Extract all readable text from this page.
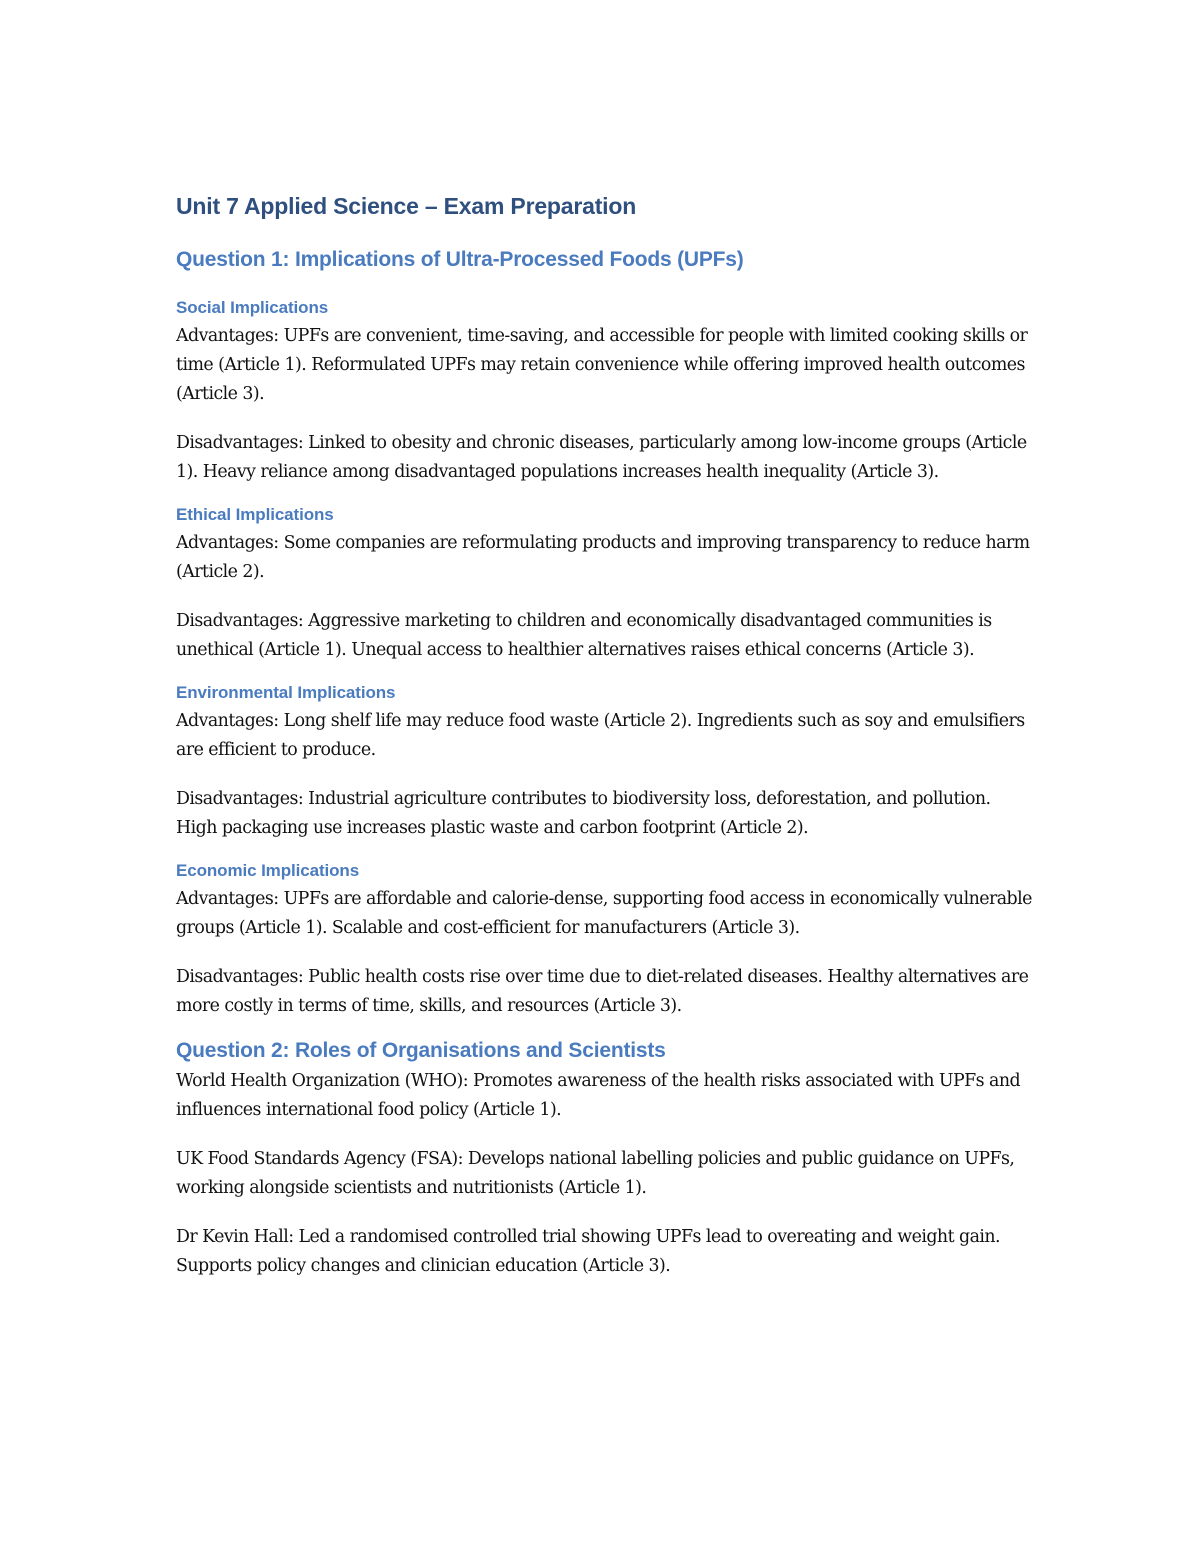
Unit 7 Applied Science – Exam Preparation
Question 1: Implications of Ultra-Processed Foods (UPFs)
Social Implications

Advantages: UPFs are convenient, time-saving, and accessible for people with limited cooking skills or time (Article 1). Reformulated UPFs may retain convenience while offering improved health outcomes (Article 3).

Disadvantages: Linked to obesity and chronic diseases, particularly among low-income groups (Article 1). Heavy reliance among disadvantaged populations increases health inequality (Article 3).

Ethical Implications

Advantages: Some companies are reformulating products and improving transparency to reduce harm (Article 2).

Disadvantages: Aggressive marketing to children and economically disadvantaged communities is unethical (Article 1). Unequal access to healthier alternatives raises ethical concerns (Article 3).

Environmental Implications

Advantages: Long shelf life may reduce food waste (Article 2). Ingredients such as soy and emulsifiers are efficient to produce.

Disadvantages: Industrial agriculture contributes to biodiversity loss, deforestation, and pollution. High packaging use increases plastic waste and carbon footprint (Article 2).

Economic Implications

Advantages: UPFs are affordable and calorie-dense, supporting food access in economically vulnerable groups (Article 1). Scalable and cost-efficient for manufacturers (Article 3).

Disadvantages: Public health costs rise over time due to diet-related diseases. Healthy alternatives are more costly in terms of time, skills, and resources (Article 3).

Question 2: Roles of Organisations and Scientists

World Health Organization (WHO): Promotes awareness of the health risks associated with UPFs and influences international food policy (Article 1).

UK Food Standards Agency (FSA): Develops national labelling policies and public guidance on UPFs, working alongside scientists and nutritionists (Article 1).

Dr Kevin Hall: Led a randomised controlled trial showing UPFs lead to overeating and weight gain. Supports policy changes and clinician education (Article 3).
